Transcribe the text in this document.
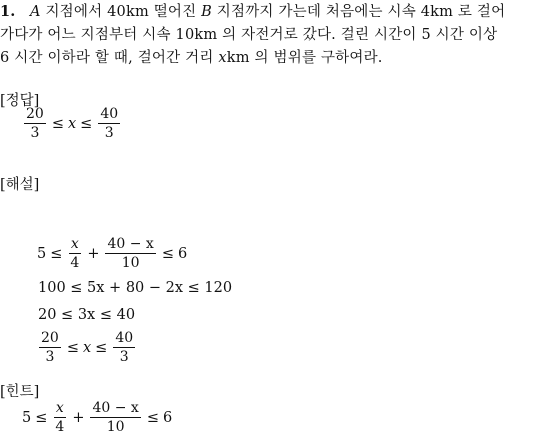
1. A 지점에서 40km 떨어진 B 지점까지 가는데 처음에는 시속 4km 로 걸어
가다가 어느 지점부터 시속 10km 의 자전거로 갔다. 걸린 시간이 5 시간 이상
6 시간 이하라 할 때, 걸어간 거리 xkm 의 범위를 구하여라.
[정답]
$\frac{20}{3} \le x \le \frac{40}{3}$
[해설]
$5 \le \frac{x}{4} + \frac{40 - x}{10} \le 6$
100 ≤ 5x + 80 − 2x ≤ 120
20 ≤ 3x ≤ 40
$\frac{20}{3} \le x \le \frac{40}{3}$
[힌트]
$5 \le \frac{x}{4} + \frac{40 - x}{10} \le 6$
